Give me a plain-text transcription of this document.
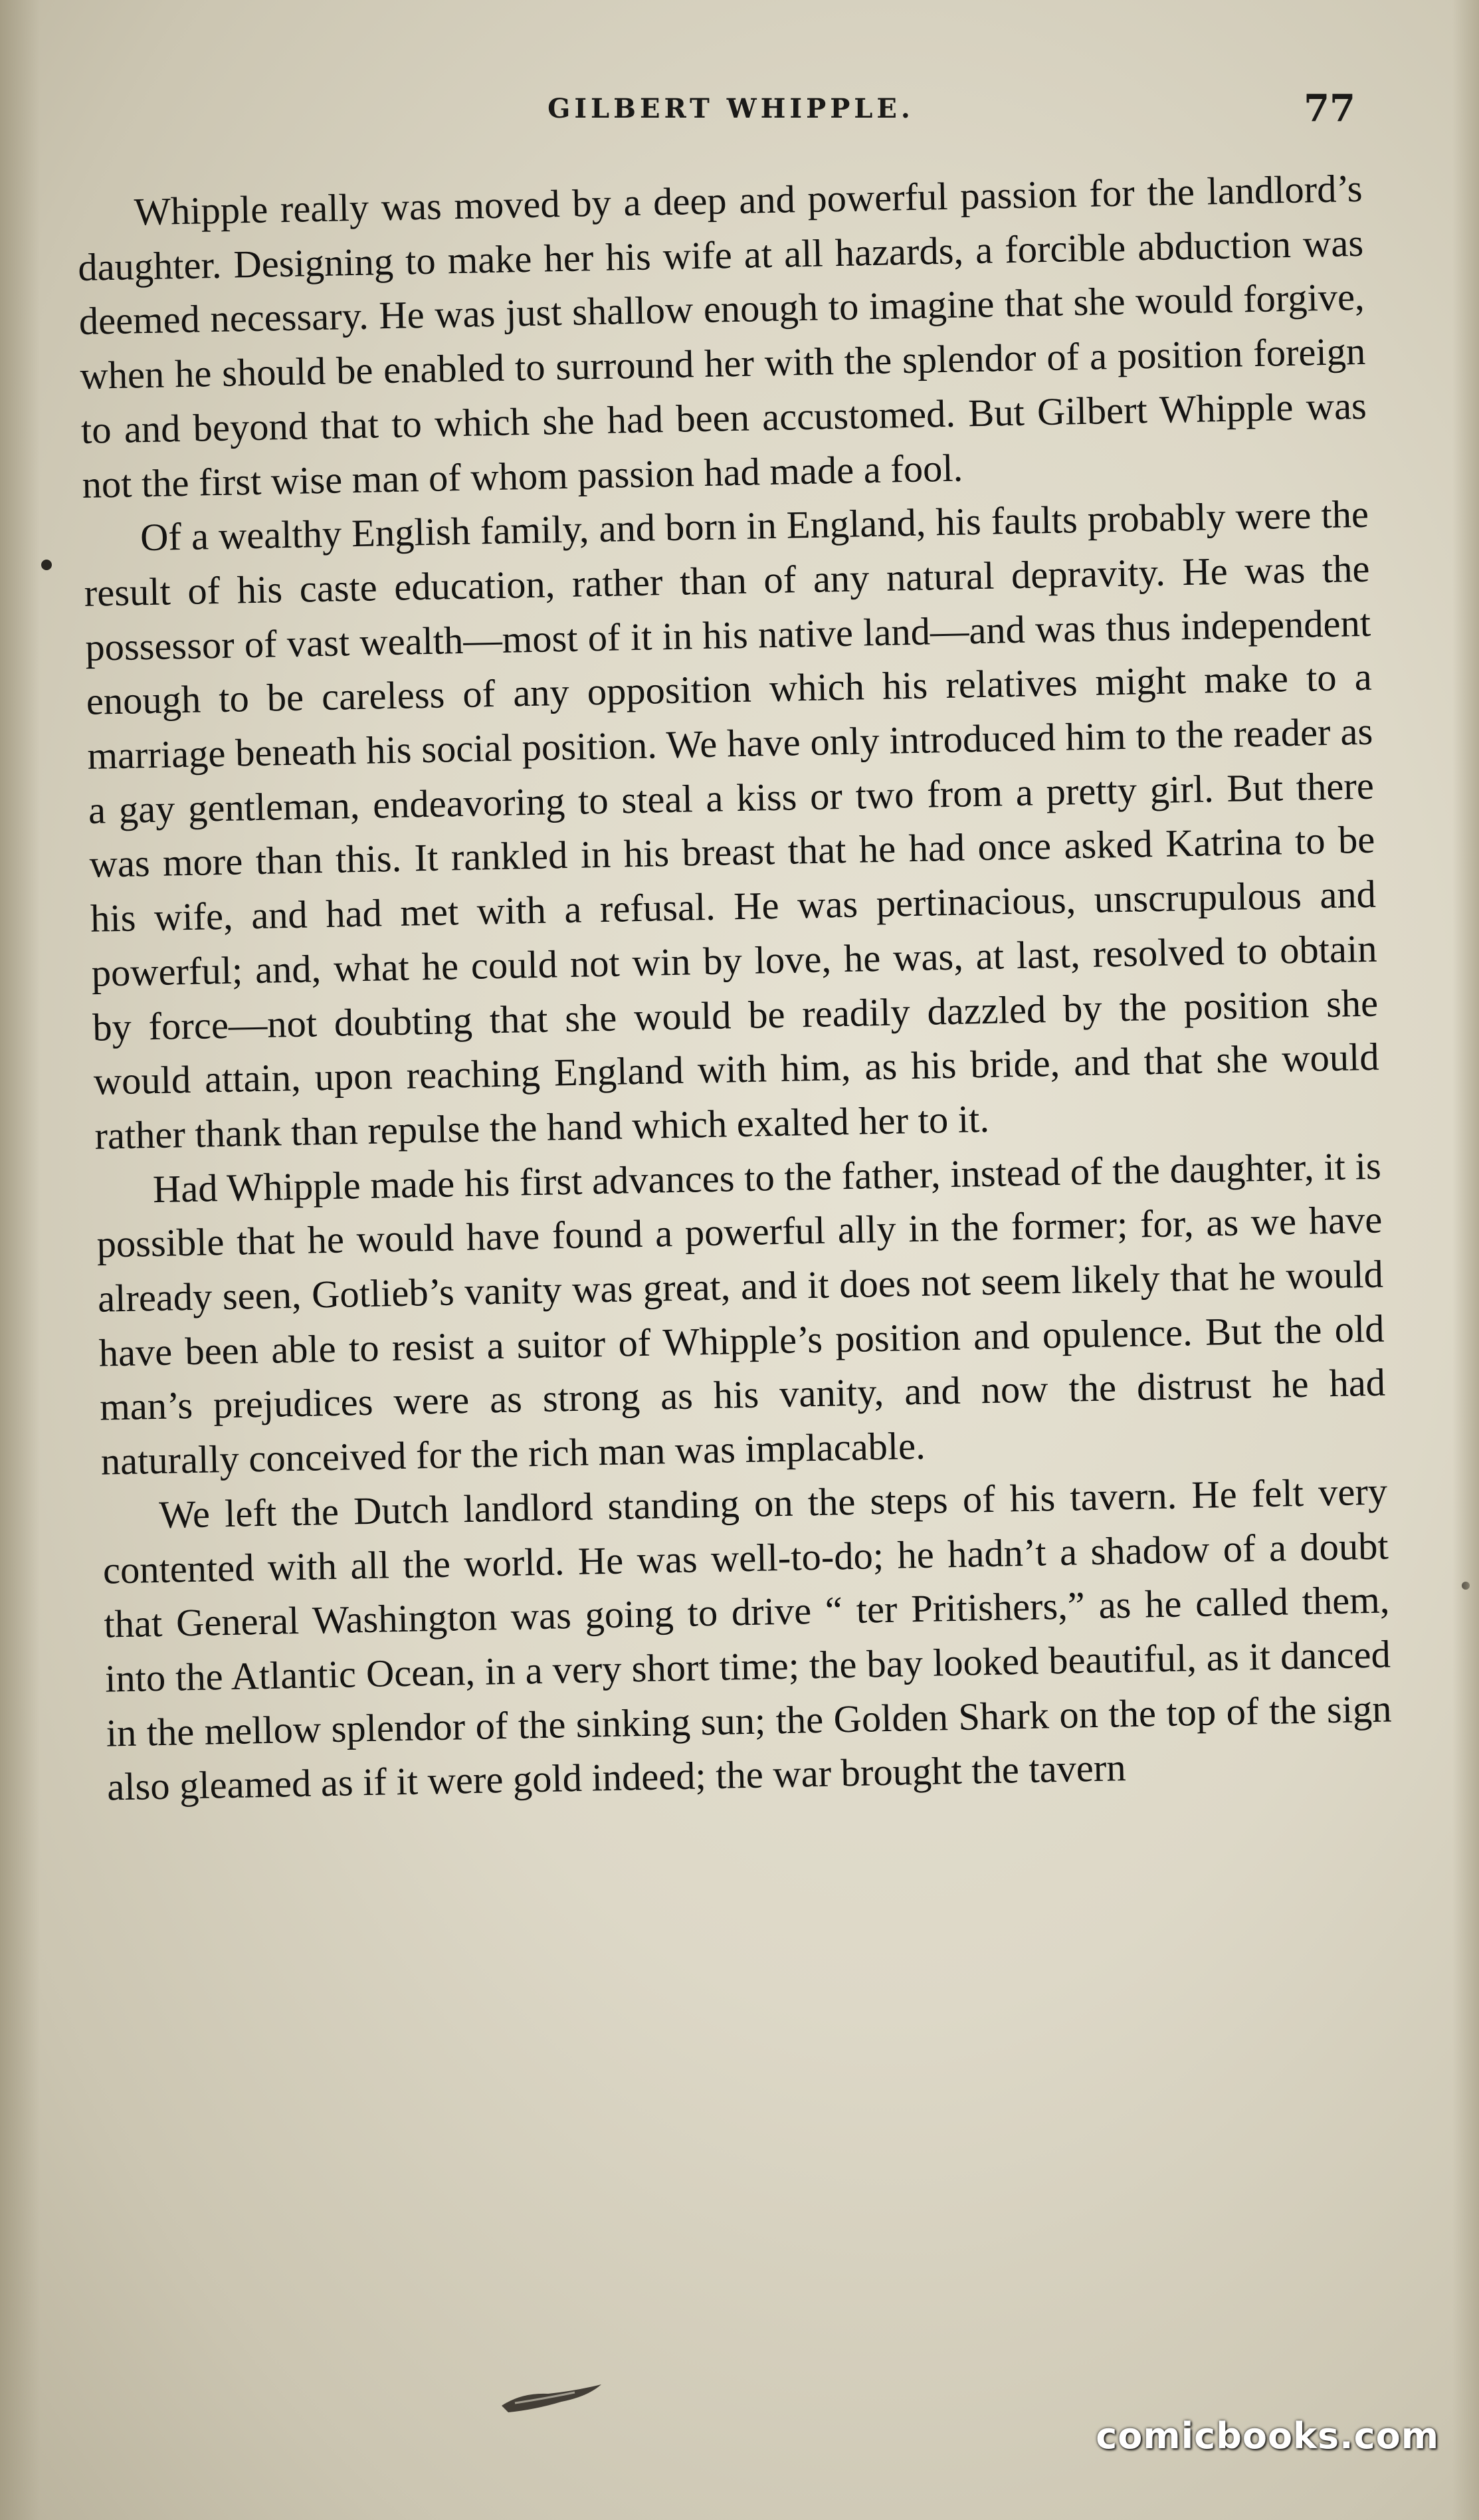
GILBERT WHIPPLE.	77

Whipple really was moved by a deep and powerful passion for the landlord’s daughter. Designing to make her his wife at all hazards, a forcible abduction was deemed necessary. He was just shallow enough to imagine that she would forgive, when he should be enabled to surround her with the splendor of a position foreign to and beyond that to which she had been accustomed. But Gilbert Whipple was not the first wise man of whom passion had made a fool.

Of a wealthy English family, and born in England, his faults probably were the result of his caste education, rather than of any natural depravity. He was the possessor of vast wealth—most of it in his native land—and was thus independent enough to be careless of any opposition which his relatives might make to a marriage beneath his social position. We have only introduced him to the reader as a gay gentleman, endeavoring to steal a kiss or two from a pretty girl. But there was more than this. It rankled in his breast that he had once asked Katrina to be his wife, and had met with a refusal. He was pertinacious, unscrupulous and powerful; and, what he could not win by love, he was, at last, resolved to obtain by force—not doubting that she would be readily dazzled by the position she would attain, upon reaching England with him, as his bride, and that she would rather thank than repulse the hand which exalted her to it.

Had Whipple made his first advances to the father, instead of the daughter, it is possible that he would have found a powerful ally in the former; for, as we have already seen, Gotlieb’s vanity was great, and it does not seem likely that he would have been able to resist a suitor of Whipple’s position and opulence. But the old man’s prejudices were as strong as his vanity, and now the distrust he had naturally conceived for the rich man was implacable.

We left the Dutch landlord standing on the steps of his tavern. He felt very contented with all the world. He was well-to-do; he hadn’t a shadow of a doubt that General Washington was going to drive “ ter Pritishers,” as he called them, into the Atlantic Ocean, in a very short time; the bay looked beautiful, as it danced in the mellow splendor of the sinking sun; the Golden Shark on the top of the sign also gleamed as if it were gold indeed; the war brought the tavern

comicbooks.com
